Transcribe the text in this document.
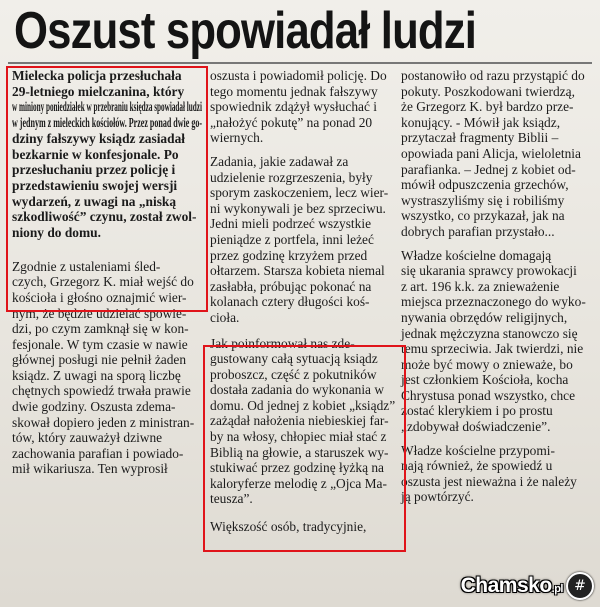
Oszust spowiadał ludzi
Mielecka policja przesłuchała
29-letniego mielczanina, który
w miniony poniedziałek w przebraniu księdza spowiadał ludzi
w jednym z mieleckich kościołów. Przez ponad dwie go-
dziny fałszywy ksiądz zasiadał
bezkarnie w konfesjonale. Po
przesłuchaniu przez policję i
przedstawieniu swojej wersji
wydarzeń, z uwagi na „niską
szkodliwość” czynu, został zwol-
niony do domu.
Zgodnie z ustaleniami śled-
czych, Grzegorz K. miał wejść do
kościoła i głośno oznajmić wier-
nym, że będzie udzielać spowie-
dzi, po czym zamknął się w kon-
fesjonale. W tym czasie w nawie
głównej posługi nie pełnił żaden
ksiądz. Z uwagi na sporą liczbę
chętnych spowiedź trwała prawie
dwie godziny. Oszusta zdema-
skował dopiero jeden z ministran-
tów, który zauważył dziwne
zachowania parafian i powiado-
mił wikariusza. Ten wyprosił
oszusta i powiadomił policję. Do
tego momentu jednak fałszywy
spowiednik zdążył wysłuchać i
„nałożyć pokutę” na ponad 20
wiernych.
Zadania, jakie zadawał za
udzielenie rozgrzeszenia, były
sporym zaskoczeniem, lecz wier-
ni wykonywali je bez sprzeciwu.
Jedni mieli podrzeć wszystkie
pieniądze z portfela, inni leżeć
przez godzinę krzyżem przed
ołtarzem. Starsza kobieta niemal
zasłabła, próbując pokonać na
kolanach cztery długości koś-
cioła.
Jak poinformował nas zde-
gustowany całą sytuacją ksiądz
proboszcz, część z pokutników
dostała zadania do wykonania w
domu. Od jednej z kobiet „ksiądz”
zażądał nałożenia niebieskiej far-
by na włosy, chłopiec miał stać z
Biblią na głowie, a staruszek wy-
stukiwać przez godzinę łyżką na
kaloryferze melodię z „Ojca Ma-
teusza”.
Większość osób, tradycyjnie,
postanowiło od razu przystąpić do
pokuty. Poszkodowani twierdzą,
że Grzegorz K. był bardzo prze-
konujący. - Mówił jak ksiądz,
przytaczał fragmenty Biblii –
opowiada pani Alicja, wieloletnia
parafianka. – Jednej z kobiet od-
mówił odpuszczenia grzechów,
wystraszyliśmy się i robiliśmy
wszystko, co przykazał, jak na
dobrych parafian przystało...
Władze kościelne domagają
się ukarania sprawcy prowokacji
z art. 196 k.k. za znieważenie
miejsca przeznaczonego do wyko-
nywania obrzędów religijnych,
jednak mężczyzna stanowczo się
temu sprzeciwia. Jak twierdzi, nie
może być mowy o znieważe, bo
jest członkiem Kościoła, kocha
Chrystusa ponad wszystko, chce
zostać klerykiem i po prostu
„zdobywał doświadczenie”.
Władze kościelne przypomi-
nają również, że spowiedź u
oszusta jest nieważna i że należy
ją powtórzyć.
Chamsko.pl #
